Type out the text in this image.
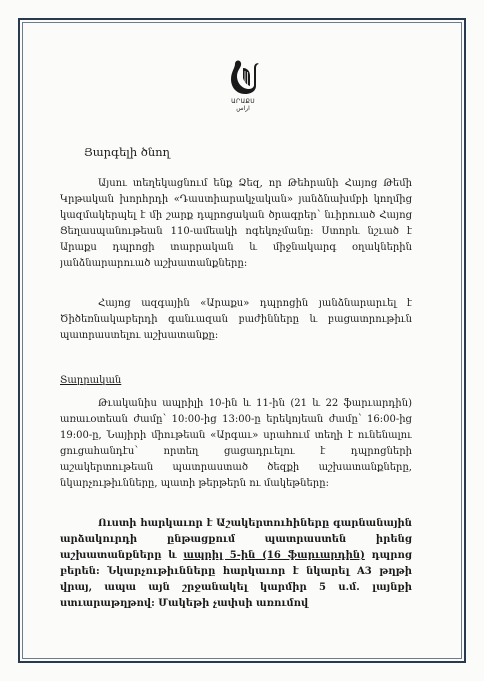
ԱՐԱՔՍ
ﺍﺭﺍﺱ
Յարգելի ծնող

Այսու տեղեկացնում ենք Ձեզ, որ Թեհրանի Հայոց Թեմի Կրթական խորհրդի «Դաստիարակչական» յանձնախմբի կողմից կազմակերպել է մի շարք դպրոցական ծրագրեր՝ նւիրուած Հայոց Ցեղասպանութեան 110-ամեակի ոգեկոչմանը: Ստորև նշւած է Արաքս դպրոցի տարրական և միջնակարգ օղակներին յանձնարարուած աշխատանքները:

Հայոց ազգային «Արաքս» դպրոցին յանձնարարւել է Ծիծեռնակաբերդի գանւազան բաժինները և բացատրութիւն պատրաստելու աշխատանքը:

Տարրական

Թւականիս ապրիլի 10-ին և 11-ին (21 և 22 ֆարւարդին) առաւօտեան ժամը՝ 10:00-ից 13:00-ը երեկոյեան ժամը՝ 16:00-ից 19:00-ը, Նայիրի միութեան «Արգաւ» սրահում տեղի է ունենալու ցուցահանդէս՝ որտեղ ցացադրւելու է դպրոցների աշակերտութեան պատրաստած ծեզքի աշխատանքները, նկարչութիւնները, պատի թերթերն ու մակեթները:

Ուստի հարկաւոր է Աշակերտուհիները գարնանային արձակուրդի ընթացքում պատրաստեն իրենց աշխատանքները և ապրիլ 5-ին (16 ֆարւարդին) դպրոց բերեն: Նկարչութիւնները հարկաւոր է նկարել A3 թղթի վրայ, ապա այն շրջանակել կարմիր 5 ս.մ. լայնքի ստւարաթղթով: Մակեթի չափսի առումով
